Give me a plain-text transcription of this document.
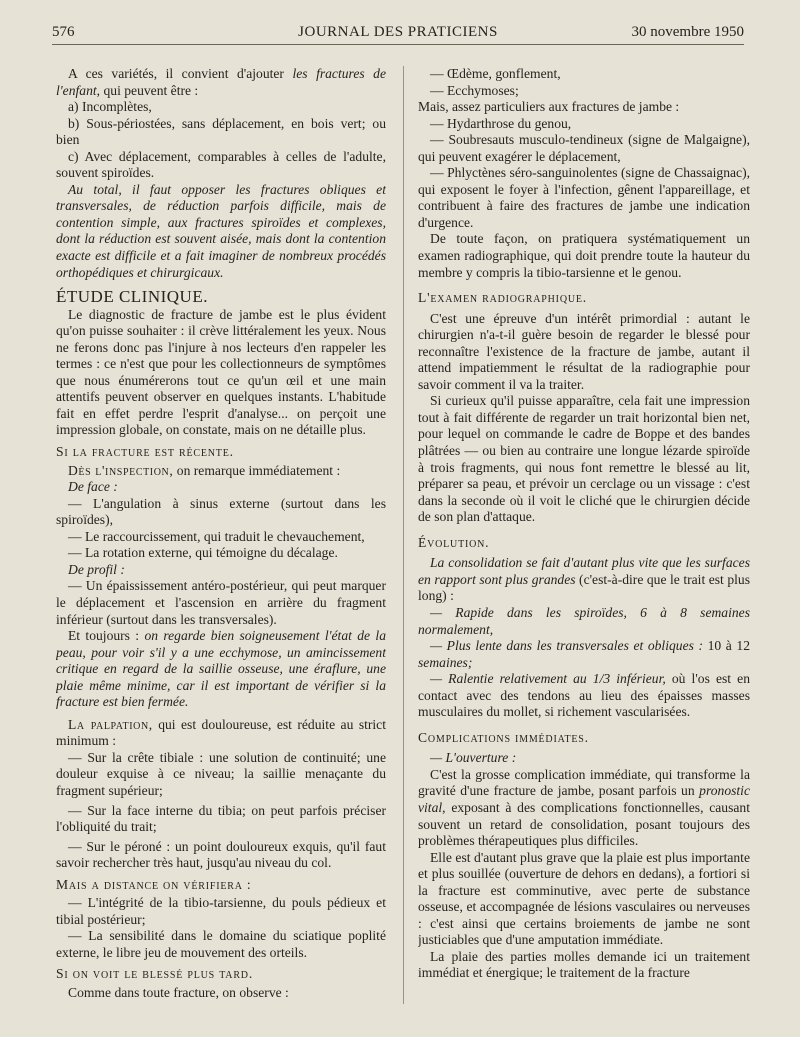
576	JOURNAL DES PRATICIENS	30 novembre 1950

A ces variétés, il convient d'ajouter les fractures de l'enfant, qui peuvent être :

a) Incomplètes,

b) Sous-périostées, sans déplacement, en bois vert; ou bien

c) Avec déplacement, comparables à celles de l'adulte, souvent spiroïdes.

Au total, il faut opposer les fractures obliques et transversales, de réduction parfois difficile, mais de contention simple, aux fractures spiroïdes et complexes, dont la réduction est souvent aisée, mais dont la contention exacte est difficile et a fait imaginer de nombreux procédés orthopédiques et chirurgicaux.

ÉTUDE CLINIQUE.

Le diagnostic de fracture de jambe est le plus évident qu'on puisse souhaiter : il crève littéralement les yeux. Nous ne ferons donc pas l'injure à nos lecteurs d'en rappeler les termes : ce n'est que pour les collectionneurs de symptômes que nous énumérerons tout ce qu'un œil et une main attentifs peuvent observer en quelques instants. L'habitude fait en effet perdre l'esprit d'analyse... on perçoit une impression globale, on constate, mais on ne détaille plus.

Si la fracture est récente.

Dès l'inspection, on remarque immédiatement :

De face :

— L'angulation à sinus externe (surtout dans les spiroïdes),

— Le raccourcissement, qui traduit le chevauchement,

— La rotation externe, qui témoigne du décalage.

De profil :

— Un épaississement antéro-postérieur, qui peut marquer le déplacement et l'ascension en arrière du fragment inférieur (surtout dans les transversales).

Et toujours : on regarde bien soigneusement l'état de la peau, pour voir s'il y a une ecchymose, un amincissement critique en regard de la saillie osseuse, une éraflure, une plaie même minime, car il est important de vérifier si la fracture est bien fermée.

La palpation, qui est douloureuse, est réduite au strict minimum :

— Sur la crête tibiale : une solution de continuité; une douleur exquise à ce niveau; la saillie menaçante du fragment supérieur;

— Sur la face interne du tibia; on peut parfois préciser l'obliquité du trait;

— Sur le péroné : un point douloureux exquis, qu'il faut savoir rechercher très haut, jusqu'au niveau du col.

Mais a distance on vérifiera :

— L'intégrité de la tibio-tarsienne, du pouls pédieux et tibial postérieur;

— La sensibilité dans le domaine du sciatique poplité externe, le libre jeu de mouvement des orteils.

Si on voit le blessé plus tard.

Comme dans toute fracture, on observe :

— Œdème, gonflement,

— Ecchymoses;

Mais, assez particuliers aux fractures de jambe :

— Hydarthrose du genou,

— Soubresauts musculo-tendineux (signe de Malgaigne), qui peuvent exagérer le déplacement,

— Phlyctènes séro-sanguinolentes (signe de Chassaignac), qui exposent le foyer à l'infection, gênent l'appareillage, et contribuent à faire des fractures de jambe une indication d'urgence.

De toute façon, on pratiquera systématiquement un examen radiographique, qui doit prendre toute la hauteur du membre y compris la tibio-tarsienne et le genou.

L'examen radiographique.

C'est une épreuve d'un intérêt primordial : autant le chirurgien n'a-t-il guère besoin de regarder le blessé pour reconnaître l'existence de la fracture de jambe, autant il attend impatiemment le résultat de la radiographie pour savoir comment il va la traiter.

Si curieux qu'il puisse apparaître, cela fait une impression tout à fait différente de regarder un trait horizontal bien net, pour lequel on commande le cadre de Boppe et des bandes plâtrées — ou bien au contraire une longue lézarde spiroïde à trois fragments, qui nous font remettre le blessé au lit, préparer sa peau, et prévoir un cerclage ou un vissage : c'est dans la seconde où il voit le cliché que le chirurgien décide de son plan d'attaque.

Évolution.

La consolidation se fait d'autant plus vite que les surfaces en rapport sont plus grandes (c'est-à-dire que le trait est plus long) :

— Rapide dans les spiroïdes, 6 à 8 semaines normalement,

— Plus lente dans les transversales et obliques : 10 à 12 semaines;

— Ralentie relativement au 1/3 inférieur, où l'os est en contact avec des tendons au lieu des épaisses masses musculaires du mollet, si richement vascularisées.

Complications immédiates.

— L'ouverture :

C'est la grosse complication immédiate, qui transforme la gravité d'une fracture de jambe, posant parfois un pronostic vital, exposant à des complications fonctionnelles, causant souvent un retard de consolidation, posant toujours des problèmes thérapeutiques plus difficiles.

Elle est d'autant plus grave que la plaie est plus importante et plus souillée (ouverture de dehors en dedans), a fortiori si la fracture est comminutive, avec perte de substance osseuse, et accompagnée de lésions vasculaires ou nerveuses : c'est ainsi que certains broiements de jambe ne sont justiciables que d'une amputation immédiate.

La plaie des parties molles demande ici un traitement immédiat et énergique; le traitement de la fracture
